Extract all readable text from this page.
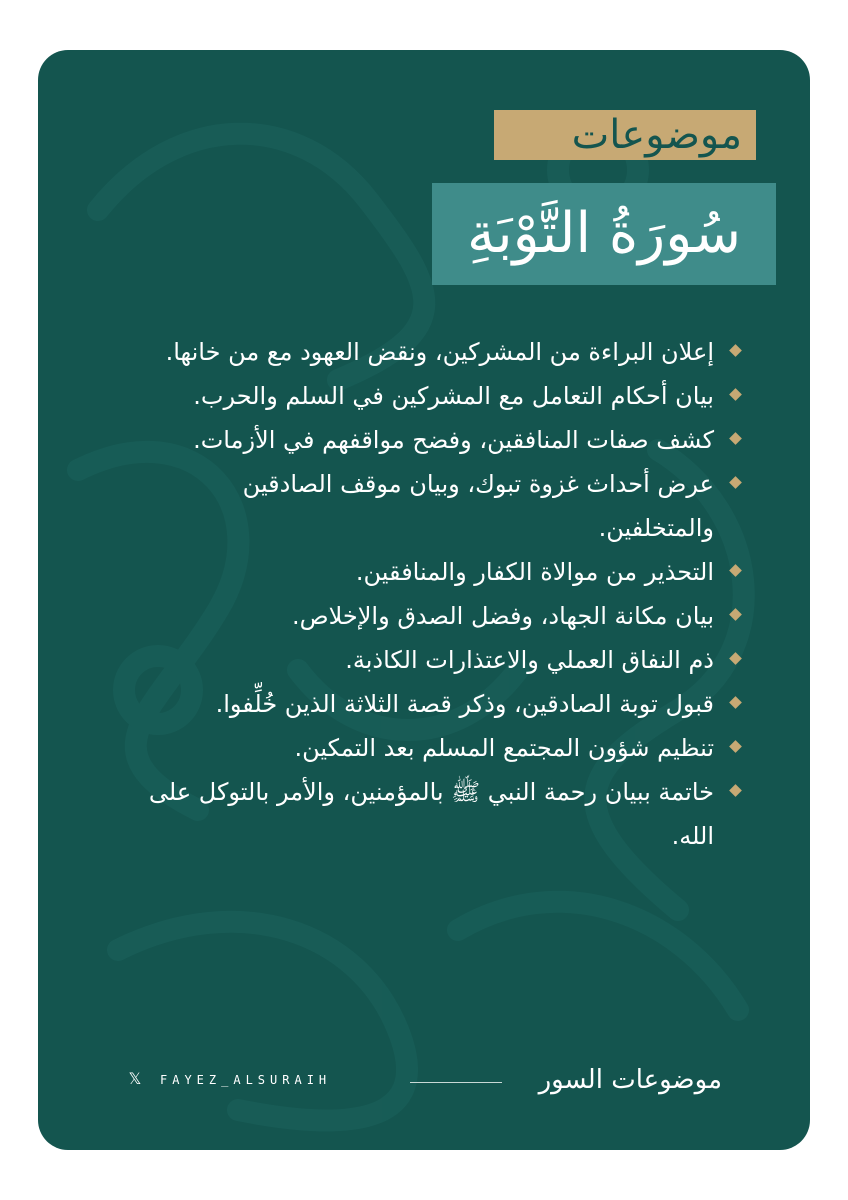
موضوعات
سُورَةُ التَّوْبَةِ
إعلان البراءة من المشركين، ونقض العهود مع من خانها.
بيان أحكام التعامل مع المشركين في السلم والحرب.
كشف صفات المنافقين، وفضح مواقفهم في الأزمات.
عرض أحداث غزوة تبوك، وبيان موقف الصادقين والمتخلفين.
التحذير من موالاة الكفار والمنافقين.
بيان مكانة الجهاد، وفضل الصدق والإخلاص.
ذم النفاق العملي والاعتذارات الكاذبة.
قبول توبة الصادقين، وذكر قصة الثلاثة الذين خُلِّفوا.
تنظيم شؤون المجتمع المسلم بعد التمكين.
خاتمة ببيان رحمة النبي ﷺ بالمؤمنين، والأمر بالتوكل على الله.
موضوعات السور
FAYEZ_ALSURAIH
𝕏
